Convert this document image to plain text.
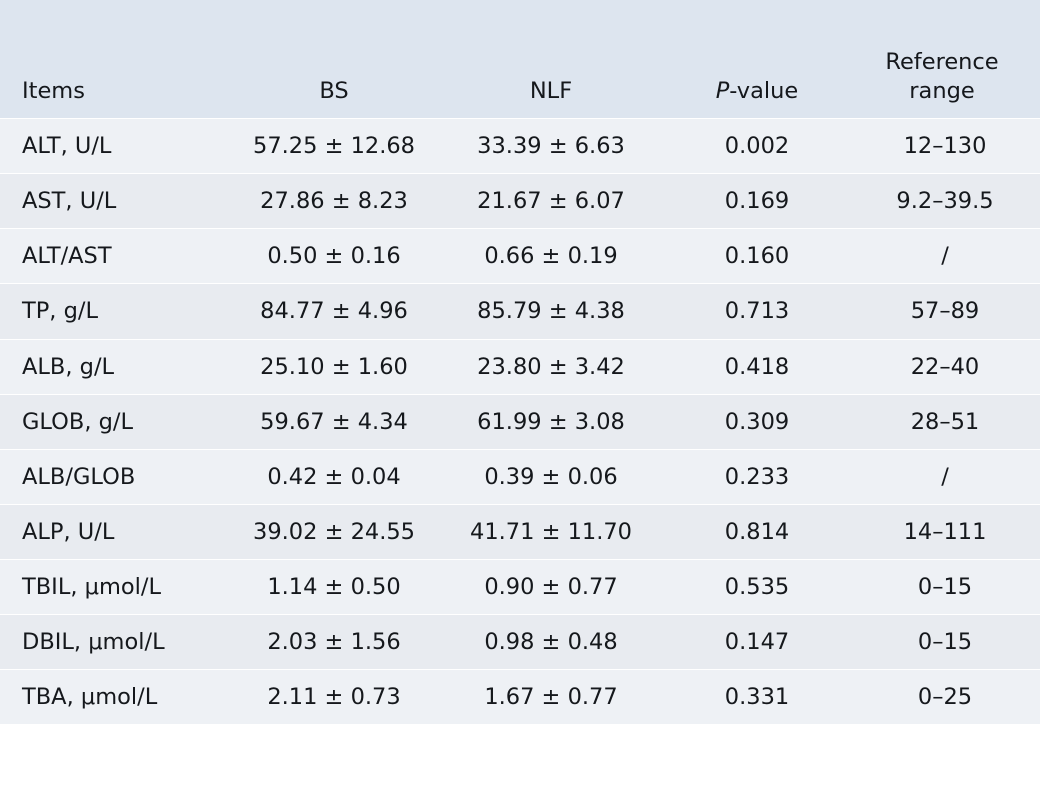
Items	BS	NLF	P-value	Reference
range

ALT, U/L	57.25 ± 12.68	33.39 ± 6.63	0.002	12–130
AST, U/L	27.86 ± 8.23	21.67 ± 6.07	0.169	9.2–39.5
ALT/AST	0.50 ± 0.16	0.66 ± 0.19	0.160	/
TP, g/L	84.77 ± 4.96	85.79 ± 4.38	0.713	57–89
ALB, g/L	25.10 ± 1.60	23.80 ± 3.42	0.418	22–40
GLOB, g/L	59.67 ± 4.34	61.99 ± 3.08	0.309	28–51
ALB/GLOB	0.42 ± 0.04	0.39 ± 0.06	0.233	/
ALP, U/L	39.02 ± 24.55	41.71 ± 11.70	0.814	14–111
TBIL, μmol/L	1.14 ± 0.50	0.90 ± 0.77	0.535	0–15
DBIL, μmol/L	2.03 ± 1.56	0.98 ± 0.48	0.147	0–15
TBA, μmol/L	2.11 ± 0.73	1.67 ± 0.77	0.331	0–25
